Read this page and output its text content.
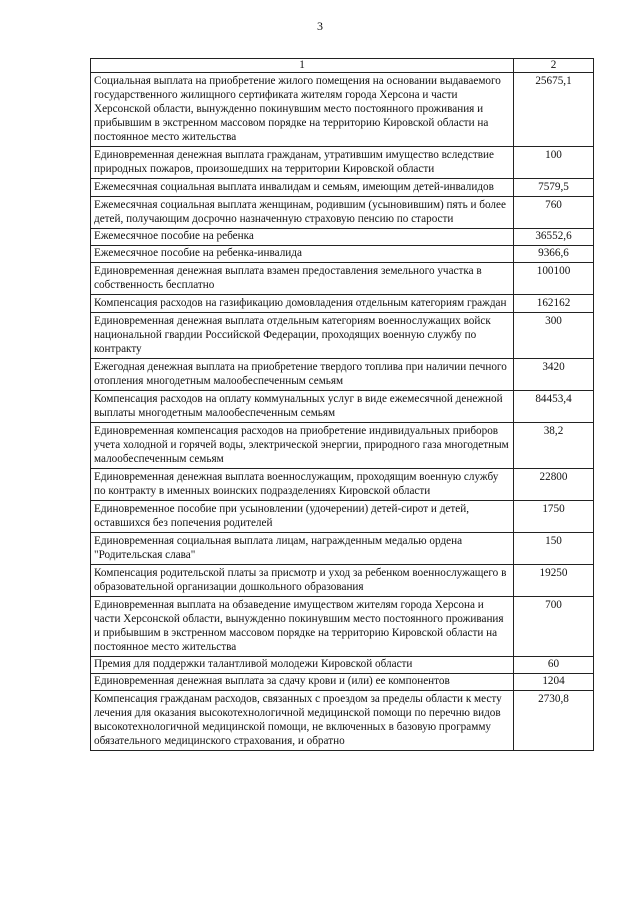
3
1	2
Социальная выплата на приобретение жилого помещения на основании выдаваемого государственного жилищного сертификата жителям города Херсона и части Херсонской области, вынужденно покинувшим место постоянного проживания и прибывшим в экстренном массовом порядке на территорию Кировской области на постоянное место жительства	25675,1
Единовременная денежная выплата гражданам, утратившим имущество вследствие природных пожаров, произошедших на территории Кировской области	100
Ежемесячная социальная выплата инвалидам и семьям, имеющим детей-инвалидов	7579,5
Ежемесячная социальная выплата женщинам, родившим (усыновившим) пять и более детей, получающим досрочно назначенную страховую пенсию по старости	760
Ежемесячное пособие на ребенка	36552,6
Ежемесячное пособие на ребенка-инвалида	9366,6
Единовременная денежная выплата взамен предоставления земельного участка в собственность бесплатно	100100
Компенсация расходов на газификацию домовладения отдельным категориям граждан	162162
Единовременная денежная выплата отдельным категориям военнослужащих войск национальной гвардии Российской Федерации, проходящих военную службу по контракту	300
Ежегодная денежная выплата на приобретение твердого топлива при наличии печного отопления многодетным малообеспеченным семьям	3420
Компенсация расходов на оплату коммунальных услуг в виде ежемесячной денежной выплаты многодетным малообеспеченным семьям	84453,4
Единовременная компенсация расходов на приобретение индивидуальных приборов учета холодной и горячей воды, электрической энергии, природного газа многодетным малообеспеченным семьям	38,2
Единовременная денежная выплата военнослужащим, проходящим военную службу по контракту в именных воинских подразделениях Кировской области	22800
Единовременное пособие при усыновлении (удочерении) детей-сирот и детей, оставшихся без попечения родителей	1750
Единовременная социальная выплата лицам, награжденным медалью ордена "Родительская слава"	150
Компенсация родительской платы за присмотр и уход за ребенком военнослужащего в образовательной организации дошкольного образования	19250
Единовременная выплата на обзаведение имуществом жителям города Херсона и части Херсонской области, вынужденно покинувшим место постоянного проживания и прибывшим в экстренном массовом порядке на территорию Кировской области на постоянное место жительства	700
Премия для поддержки талантливой молодежи Кировской области	60
Единовременная денежная выплата за сдачу крови и (или) ее компонентов	1204
Компенсация гражданам расходов, связанных с проездом за пределы области к месту лечения для оказания высокотехнологичной медицинской помощи по перечню видов высокотехнологичной медицинской помощи, не включенных в базовую программу обязательного медицинского страхования, и обратно	2730,8
